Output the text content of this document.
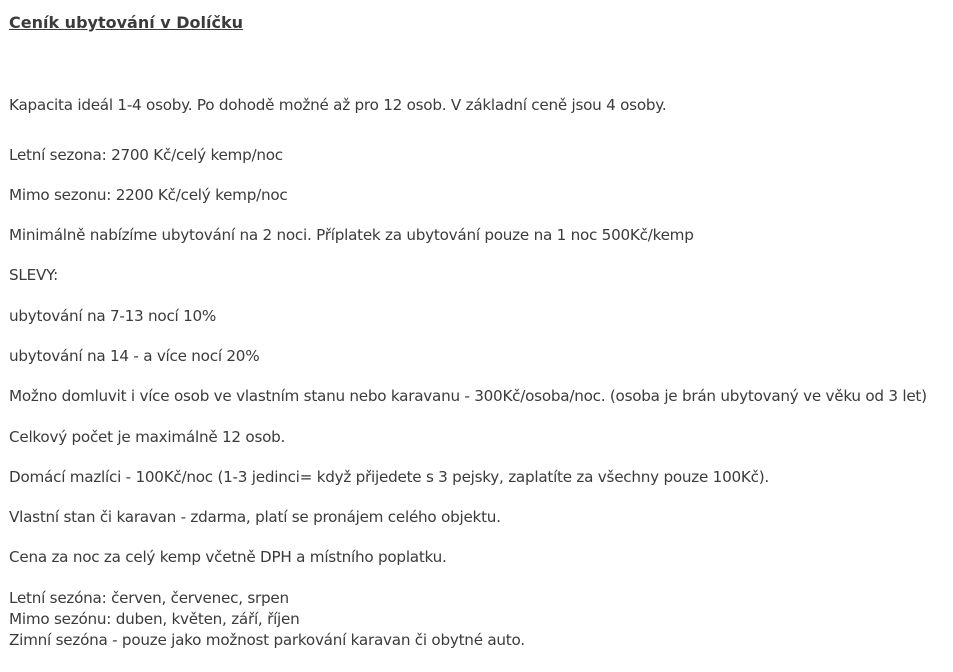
Ceník ubytování v Dolíčku
Kapacita ideál 1-4 osoby. Po dohodě možné až pro 12 osob. V základní ceně jsou 4 osoby.
Letní sezona: 2700 Kč/celý kemp/noc
Mimo sezonu: 2200 Kč/celý kemp/noc
Minimálně nabízíme ubytování na 2 noci. Příplatek za ubytování pouze na 1 noc 500Kč/kemp
SLEVY:
ubytování na 7-13 nocí 10%
ubytování na 14 - a více nocí 20%
Možno domluvit i více osob ve vlastním stanu nebo karavanu - 300Kč/osoba/noc. (osoba je brán ubytovaný ve věku od 3 let)
Celkový počet je maximálně 12 osob.
Domácí mazlíci - 100Kč/noc (1-3 jedinci= když přijedete s 3 pejsky, zaplatíte za všechny pouze 100Kč).
Vlastní stan či karavan - zdarma, platí se pronájem celého objektu.
Cena za noc za celý kemp včetně DPH a místního poplatku.
Letní sezóna: červen, červenec, srpen
Mimo sezónu: duben, květen, září, říjen
Zimní sezóna - pouze jako možnost parkování karavan či obytné auto.
